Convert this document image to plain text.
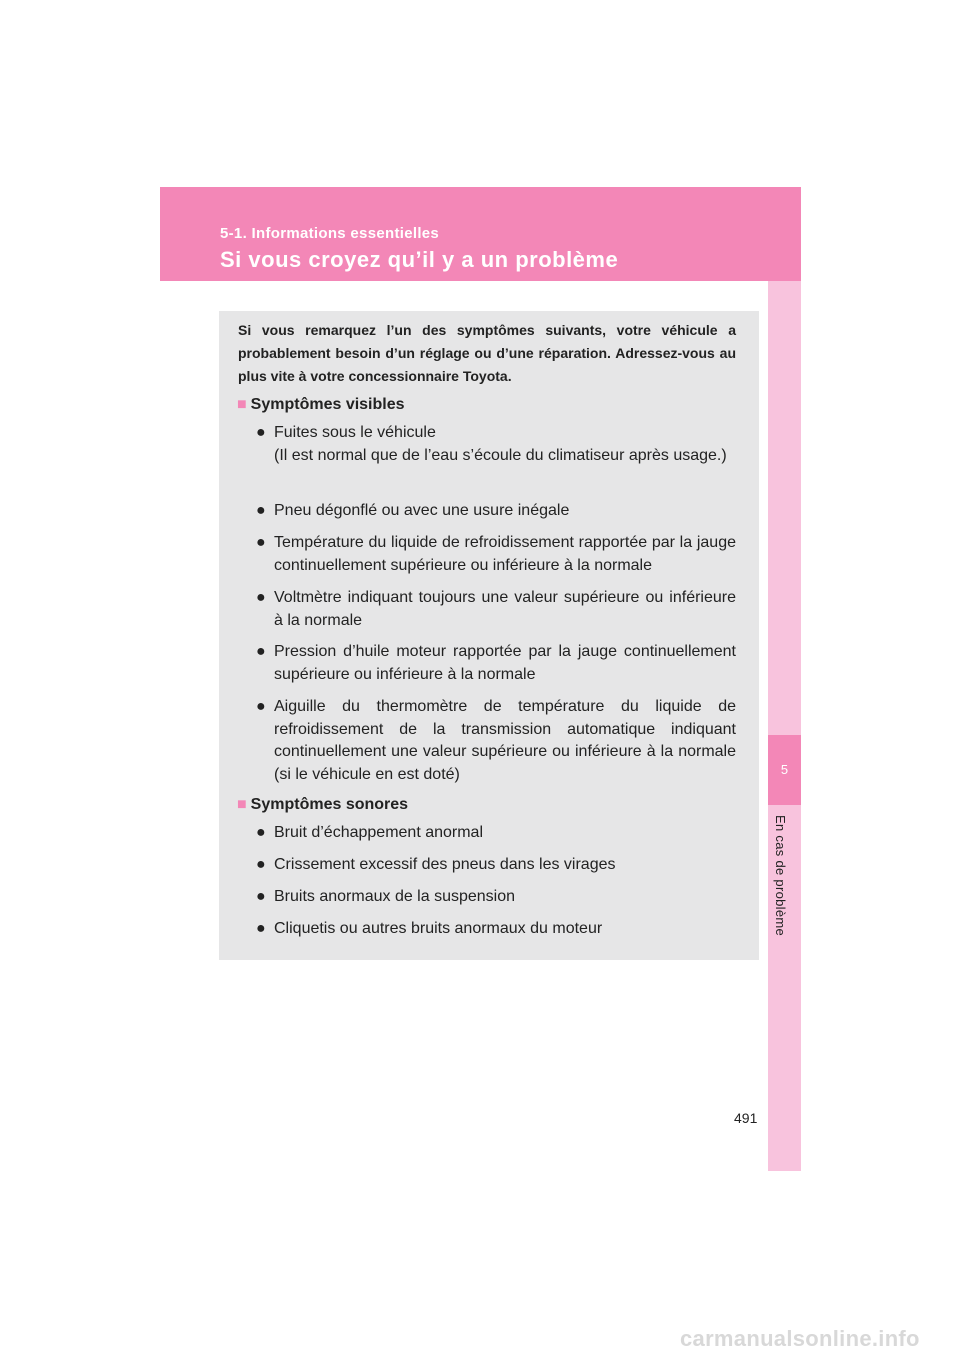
5-1. Informations essentielles
Si vous croyez qu’il y a un problème
5
En cas de problème
Si vous remarquez l’un des symptômes suivants, votre véhicule a probablement besoin d’un réglage ou d’une réparation. Adressez-vous au plus vite à votre concessionnaire Toyota.
■ Symptômes visibles
● Fuites sous le véhicule
(Il est normal que de l’eau s’écoule du climatiseur après usage.)
● Pneu dégonflé ou avec une usure inégale
● Température du liquide de refroidissement rapportée par la jauge continuellement supérieure ou inférieure à la normale
● Voltmètre indiquant toujours une valeur supérieure ou inférieure à la normale
● Pression d’huile moteur rapportée par la jauge continuellement supérieure ou inférieure à la normale
● Aiguille du thermomètre de température du liquide de refroidissement de la transmission automatique indiquant continuellement une valeur supérieure ou inférieure à la normale (si le véhicule en est doté)
■ Symptômes sonores
● Bruit d’échappement anormal
● Crissement excessif des pneus dans les virages
● Bruits anormaux de la suspension
● Cliquetis ou autres bruits anormaux du moteur
491
carmanualsonline.info
